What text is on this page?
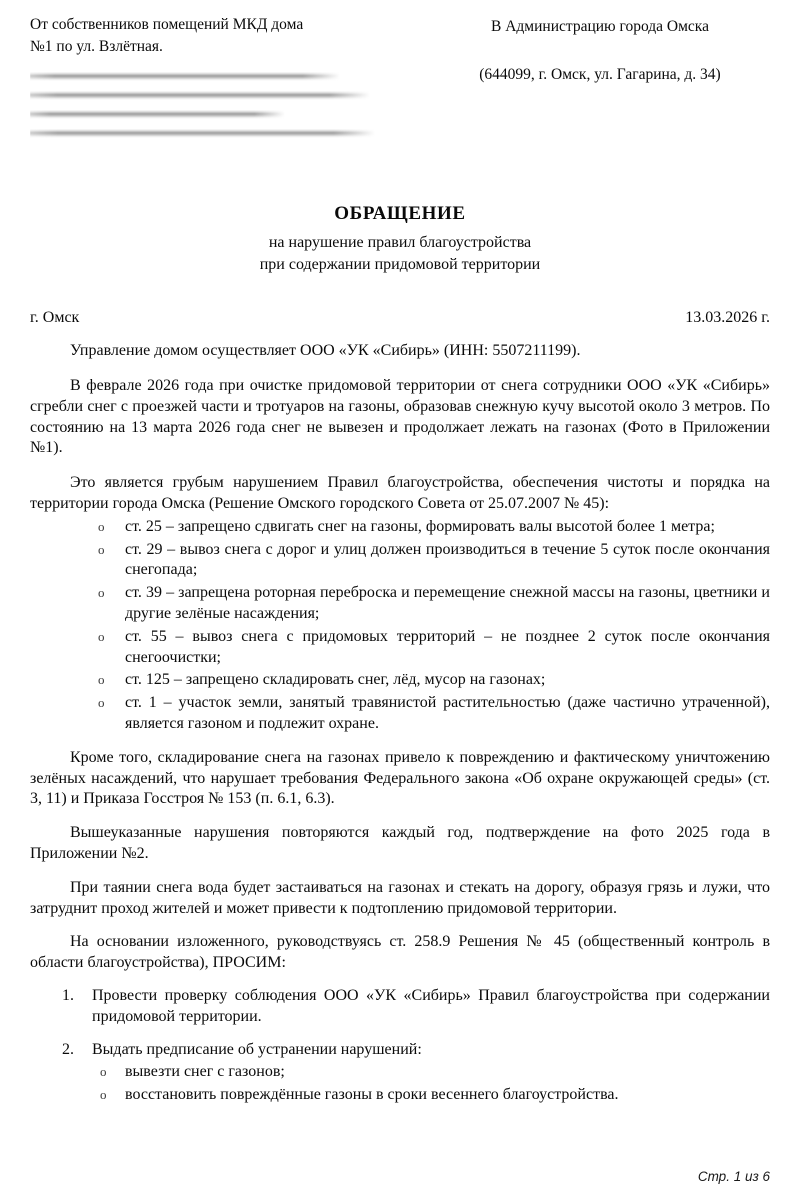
От собственников помещений МКД дома
№1 по ул. Взлётная.
В Администрацию города Омска
(644099, г. Омск, ул. Гагарина, д. 34)
ОБРАЩЕНИЕ
на нарушение правил благоустройства
при содержании придомовой территории
г. Омск	13.03.2026 г.

Управление домом осуществляет ООО «УК «Сибирь» (ИНН: 5507211199).

В феврале 2026 года при очистке придомовой территории от снега сотрудники ООО «УК «Сибирь» сгребли снег с проезжей части и тротуаров на газоны, образовав снежную кучу высотой около 3 метров. По состоянию на 13 марта 2026 года снег не вывезен и продолжает лежать на газонах (Фото в Приложении №1).

Это является грубым нарушением Правил благоустройства, обеспечения чистоты и порядка на территории города Омска (Решение Омского городского Совета от 25.07.2007 № 45):

o ст. 25 – запрещено сдвигать снег на газоны, формировать валы высотой более 1 метра;
o ст. 29 – вывоз снега с дорог и улиц должен производиться в течение 5 суток после окончания снегопада;
o ст. 39 – запрещена роторная переброска и перемещение снежной массы на газоны, цветники и другие зелёные насаждения;
o ст. 55 – вывоз снега с придомовых территорий – не позднее 2 суток после окончания снегоочистки;
o ст. 125 – запрещено складировать снег, лёд, мусор на газонах;
o ст. 1 – участок земли, занятый травянистой растительностью (даже частично утраченной), является газоном и подлежит охране.

Кроме того, складирование снега на газонах привело к повреждению и фактическому уничтожению зелёных насаждений, что нарушает требования Федерального закона «Об охране окружающей среды» (ст. 3, 11) и Приказа Госстроя № 153 (п. 6.1, 6.3).

Вышеуказанные нарушения повторяются каждый год, подтверждение на фото 2025 года в Приложении №2.

При таянии снега вода будет застаиваться на газонах и стекать на дорогу, образуя грязь и лужи, что затруднит проход жителей и может привести к подтоплению придомовой территории.

На основании изложенного, руководствуясь ст. 258.9 Решения № 45 (общественный контроль в области благоустройства), ПРОСИМ:

Провести проверку соблюдения ООО «УК «Сибирь» Правил благоустройства при содержании придомовой территории.
Выдать предписание об устранении нарушений:
o вывезти снег с газонов;
o восстановить повреждённые газоны в сроки весеннего благоустройства.
Стр. 1 из 6
